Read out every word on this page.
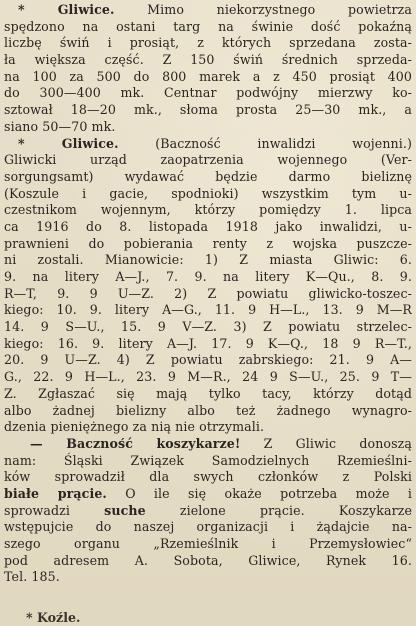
* Gliwice.	Mimo niekorzystnego powietrza
spędzono na ostani targ na świnie dość pokaźną
liczbę świń i prosiąt, z których sprzedana zosta-
ła większa część. Z 150 świń średnich sprzeda-
na 100 za 500 do 800 marek a z 450 prosiąt 400
do 300—400 mk. Centnar podwójny mierzwy ko-
sztował 18—20 mk., słoma prosta 25—30 mk., a
siano 50—70 mk.
* Gliwice.	(Baczność inwalidzi wojenni.)
Gliwicki urząd zaopatrzenia wojennego (Ver-
sorgungsamt) wydawać będzie darmo bieliznę
(Koszule i gacie, spodnioki) wszystkim tym u-
czestnikom wojennym, którzy pomiędzy 1. lipca
ca 1916 do 8. listopada 1918 jako inwalidzi, u-
prawnieni do pobierania renty z wojska puszcze-
ni zostali. Mianowicie: 1) Z miasta Gliwic: 6.
9. na litery A—J., 7. 9. na litery K—Qu., 8. 9.
R—T, 9. 9 U—Z. 2) Z powiatu gliwicko-toszec-
kiego: 10. 9. litery A—G., 11. 9 H—L., 13. 9 M—R
14. 9 S—U., 15. 9 V—Z. 3) Z powiatu strzelec-
kiego: 16. 9. litery A—J. 17. 9 K—Q., 18 9 R—T.,
20. 9 U—Z. 4) Z powiatu zabrskiego: 21. 9 A—
G., 22. 9 H—L., 23. 9 M—R., 24 9 S—U., 25. 9 T—
Z. Zgłaszać się mają tylko tacy, którzy dotąd
albo żadnej bielizny albo też żadnego wynagro-
dzenia pieniężnego za nią nie otrzymali.
— Baczność koszykarze! Z Gliwic donoszą
nam: Śląski Związek Samodzielnych Rzemieślni-
ków sprowadził dla swych członków z Polski
białe prącie. O ile się okaże potrzeba może i
sprowadzi	suche	zielone prącie. Koszykarze
wstępujcie do naszej organizacji i żądajcie na-
szego organu „Rzemieślnik i Przemysłowiec“
pod adresem A. Sobota, Gliwice, Rynek 16.
Tel. 185.
* Koźle.
